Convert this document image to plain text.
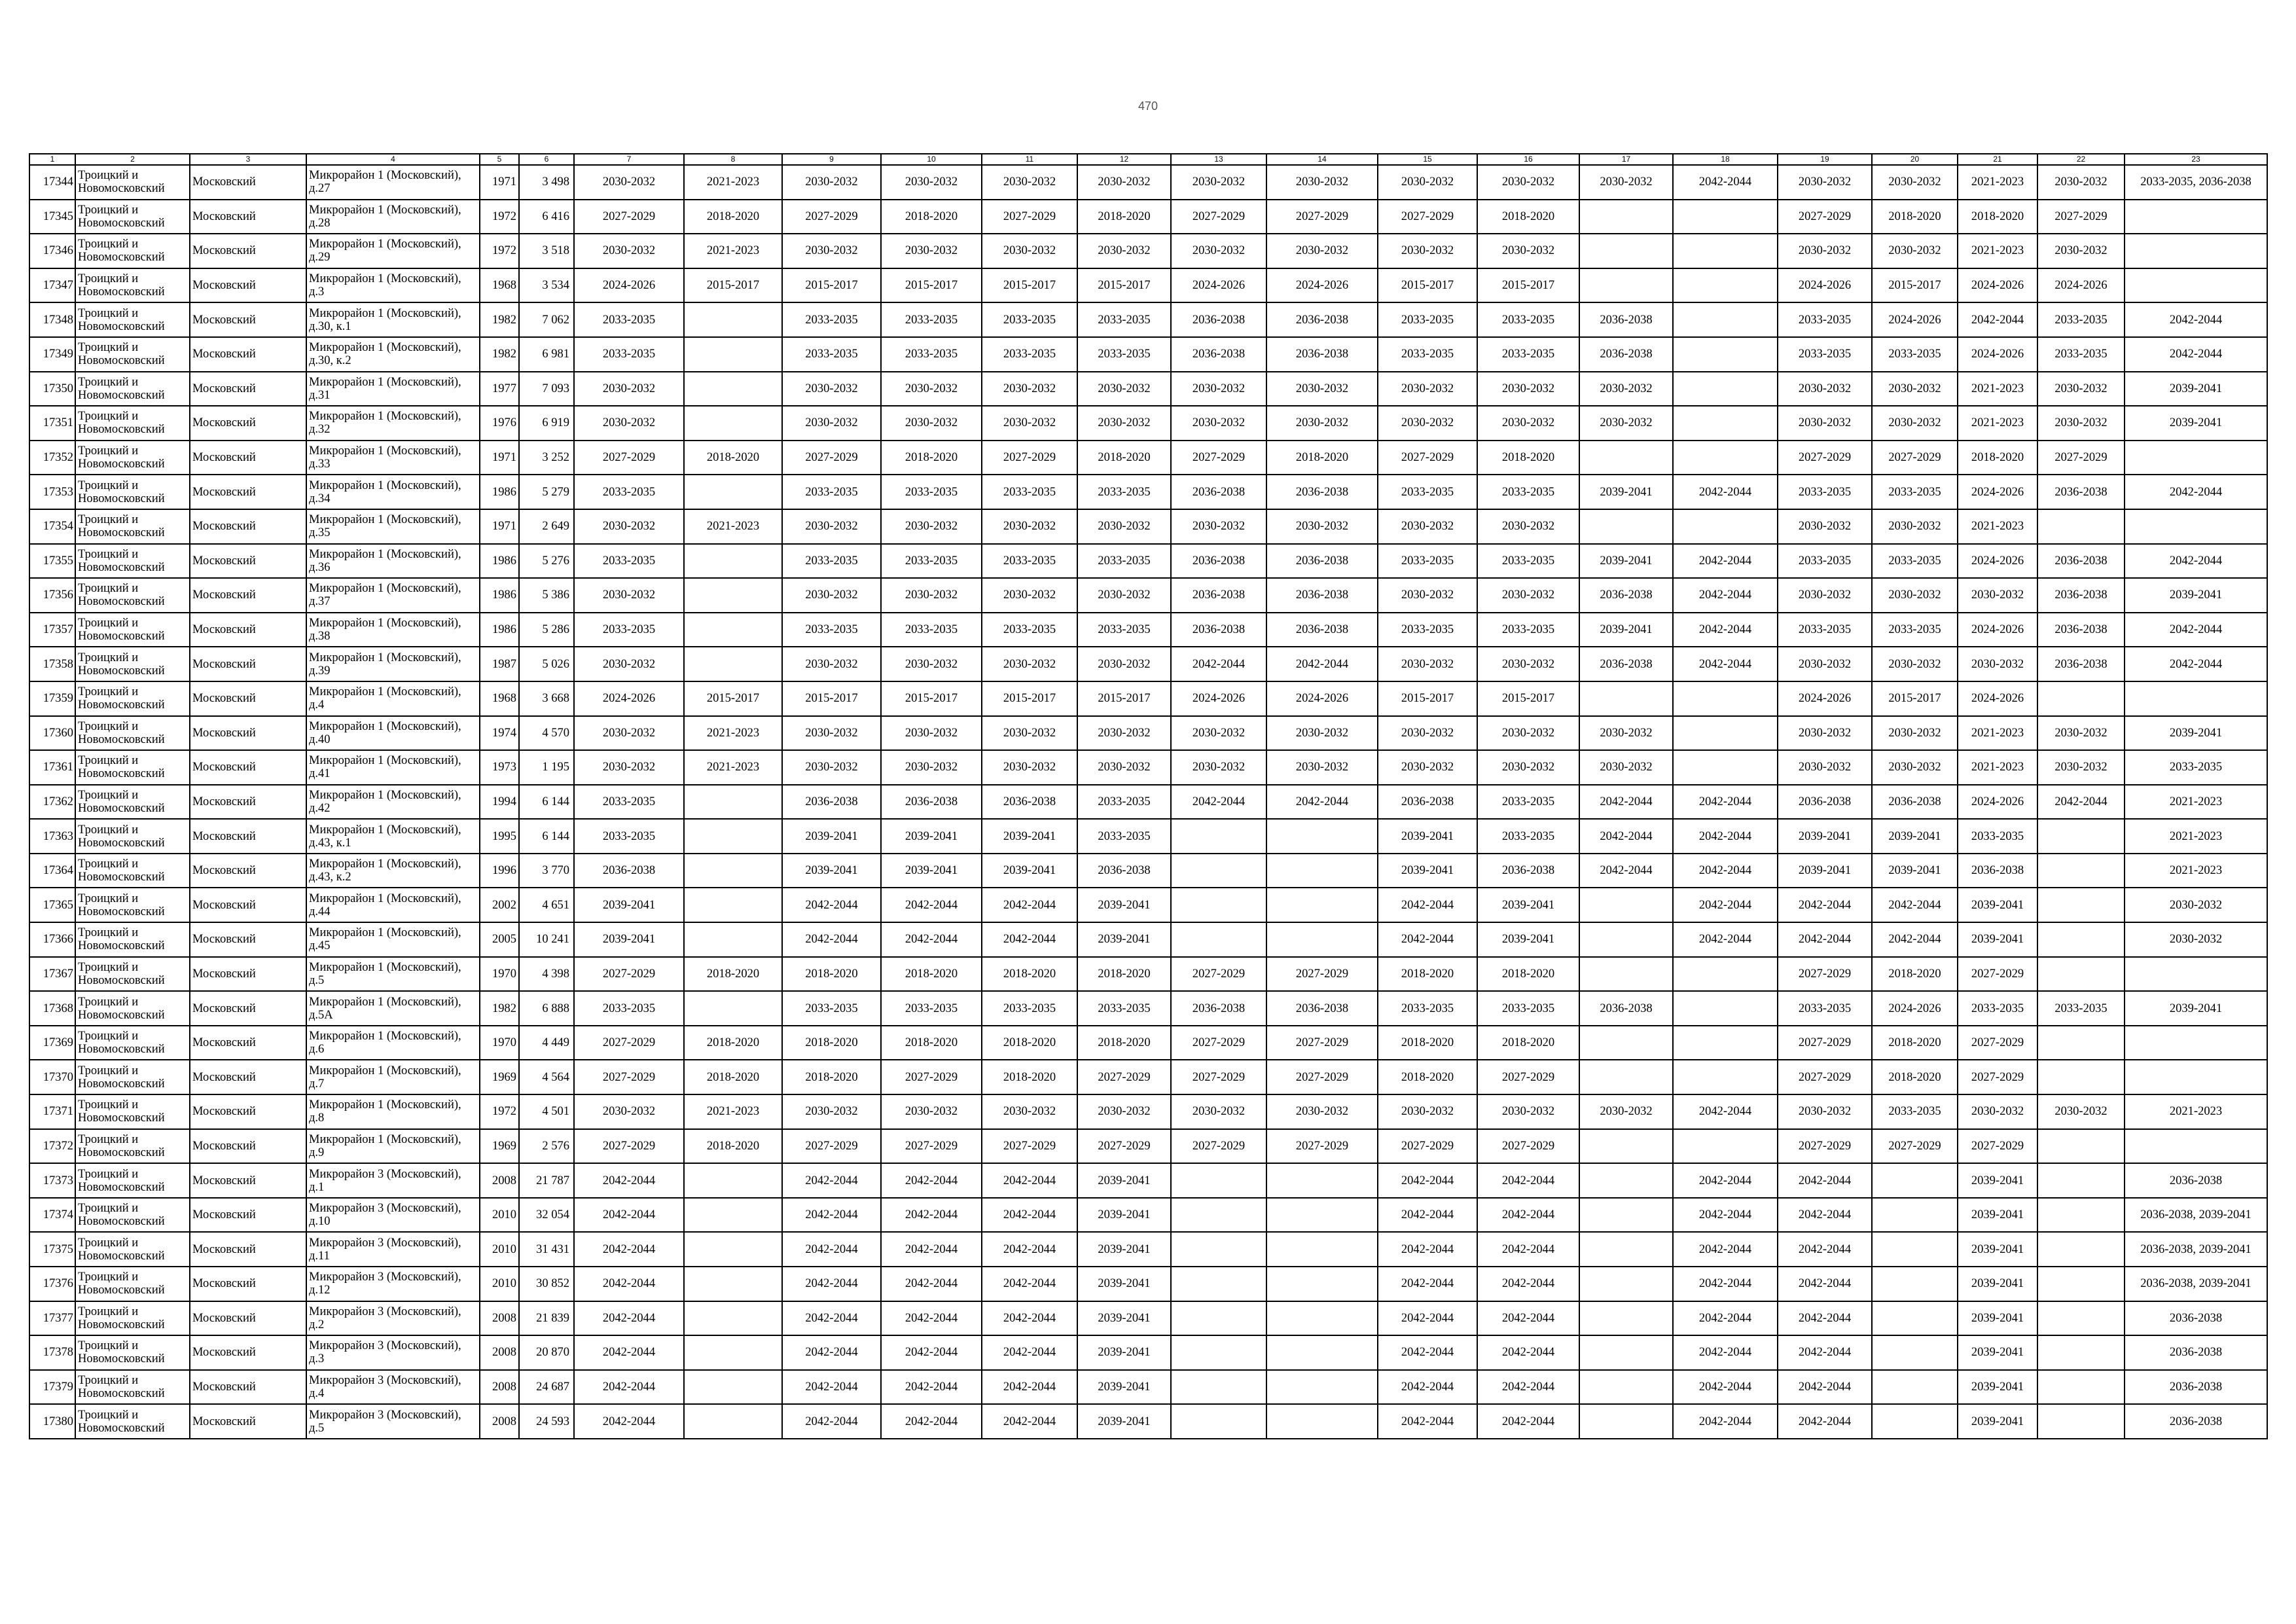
470
1	2	3	4	5	6	7	8	9	10	11	12	13	14	15	16	17	18	19	20	21	22	23
17344	Троицкий и Новомосковский	Московский	Микрорайон 1 (Московский), д.27	1971	3 498	2030-2032	2021-2023	2030-2032	2030-2032	2030-2032	2030-2032	2030-2032	2030-2032	2030-2032	2030-2032	2030-2032	2042-2044	2030-2032	2030-2032	2021-2023	2030-2032	2033-2035, 2036-2038
17345	Троицкий и Новомосковский	Московский	Микрорайон 1 (Московский), д.28	1972	6 416	2027-2029	2018-2020	2027-2029	2018-2020	2027-2029	2018-2020	2027-2029	2027-2029	2027-2029	2018-2020			2027-2029	2018-2020	2018-2020	2027-2029	
17346	Троицкий и Новомосковский	Московский	Микрорайон 1 (Московский), д.29	1972	3 518	2030-2032	2021-2023	2030-2032	2030-2032	2030-2032	2030-2032	2030-2032	2030-2032	2030-2032	2030-2032			2030-2032	2030-2032	2021-2023	2030-2032	
17347	Троицкий и Новомосковский	Московский	Микрорайон 1 (Московский), д.3	1968	3 534	2024-2026	2015-2017	2015-2017	2015-2017	2015-2017	2015-2017	2024-2026	2024-2026	2015-2017	2015-2017			2024-2026	2015-2017	2024-2026	2024-2026	
17348	Троицкий и Новомосковский	Московский	Микрорайон 1 (Московский), д.30, к.1	1982	7 062	2033-2035		2033-2035	2033-2035	2033-2035	2033-2035	2036-2038	2036-2038	2033-2035	2033-2035	2036-2038		2033-2035	2024-2026	2042-2044	2033-2035	2042-2044
17349	Троицкий и Новомосковский	Московский	Микрорайон 1 (Московский), д.30, к.2	1982	6 981	2033-2035		2033-2035	2033-2035	2033-2035	2033-2035	2036-2038	2036-2038	2033-2035	2033-2035	2036-2038		2033-2035	2033-2035	2024-2026	2033-2035	2042-2044
17350	Троицкий и Новомосковский	Московский	Микрорайон 1 (Московский), д.31	1977	7 093	2030-2032		2030-2032	2030-2032	2030-2032	2030-2032	2030-2032	2030-2032	2030-2032	2030-2032	2030-2032		2030-2032	2030-2032	2021-2023	2030-2032	2039-2041
17351	Троицкий и Новомосковский	Московский	Микрорайон 1 (Московский), д.32	1976	6 919	2030-2032		2030-2032	2030-2032	2030-2032	2030-2032	2030-2032	2030-2032	2030-2032	2030-2032	2030-2032		2030-2032	2030-2032	2021-2023	2030-2032	2039-2041
17352	Троицкий и Новомосковский	Московский	Микрорайон 1 (Московский), д.33	1971	3 252	2027-2029	2018-2020	2027-2029	2018-2020	2027-2029	2018-2020	2027-2029	2018-2020	2027-2029	2018-2020			2027-2029	2027-2029	2018-2020	2027-2029	
17353	Троицкий и Новомосковский	Московский	Микрорайон 1 (Московский), д.34	1986	5 279	2033-2035		2033-2035	2033-2035	2033-2035	2033-2035	2036-2038	2036-2038	2033-2035	2033-2035	2039-2041	2042-2044	2033-2035	2033-2035	2024-2026	2036-2038	2042-2044
17354	Троицкий и Новомосковский	Московский	Микрорайон 1 (Московский), д.35	1971	2 649	2030-2032	2021-2023	2030-2032	2030-2032	2030-2032	2030-2032	2030-2032	2030-2032	2030-2032	2030-2032			2030-2032	2030-2032	2021-2023		
17355	Троицкий и Новомосковский	Московский	Микрорайон 1 (Московский), д.36	1986	5 276	2033-2035		2033-2035	2033-2035	2033-2035	2033-2035	2036-2038	2036-2038	2033-2035	2033-2035	2039-2041	2042-2044	2033-2035	2033-2035	2024-2026	2036-2038	2042-2044
17356	Троицкий и Новомосковский	Московский	Микрорайон 1 (Московский), д.37	1986	5 386	2030-2032		2030-2032	2030-2032	2030-2032	2030-2032	2036-2038	2036-2038	2030-2032	2030-2032	2036-2038	2042-2044	2030-2032	2030-2032	2030-2032	2036-2038	2039-2041
17357	Троицкий и Новомосковский	Московский	Микрорайон 1 (Московский), д.38	1986	5 286	2033-2035		2033-2035	2033-2035	2033-2035	2033-2035	2036-2038	2036-2038	2033-2035	2033-2035	2039-2041	2042-2044	2033-2035	2033-2035	2024-2026	2036-2038	2042-2044
17358	Троицкий и Новомосковский	Московский	Микрорайон 1 (Московский), д.39	1987	5 026	2030-2032		2030-2032	2030-2032	2030-2032	2030-2032	2042-2044	2042-2044	2030-2032	2030-2032	2036-2038	2042-2044	2030-2032	2030-2032	2030-2032	2036-2038	2042-2044
17359	Троицкий и Новомосковский	Московский	Микрорайон 1 (Московский), д.4	1968	3 668	2024-2026	2015-2017	2015-2017	2015-2017	2015-2017	2015-2017	2024-2026	2024-2026	2015-2017	2015-2017			2024-2026	2015-2017	2024-2026		
17360	Троицкий и Новомосковский	Московский	Микрорайон 1 (Московский), д.40	1974	4 570	2030-2032	2021-2023	2030-2032	2030-2032	2030-2032	2030-2032	2030-2032	2030-2032	2030-2032	2030-2032	2030-2032		2030-2032	2030-2032	2021-2023	2030-2032	2039-2041
17361	Троицкий и Новомосковский	Московский	Микрорайон 1 (Московский), д.41	1973	1 195	2030-2032	2021-2023	2030-2032	2030-2032	2030-2032	2030-2032	2030-2032	2030-2032	2030-2032	2030-2032	2030-2032		2030-2032	2030-2032	2021-2023	2030-2032	2033-2035
17362	Троицкий и Новомосковский	Московский	Микрорайон 1 (Московский), д.42	1994	6 144	2033-2035		2036-2038	2036-2038	2036-2038	2033-2035	2042-2044	2042-2044	2036-2038	2033-2035	2042-2044	2042-2044	2036-2038	2036-2038	2024-2026	2042-2044	2021-2023
17363	Троицкий и Новомосковский	Московский	Микрорайон 1 (Московский), д.43, к.1	1995	6 144	2033-2035		2039-2041	2039-2041	2039-2041	2033-2035			2039-2041	2033-2035	2042-2044	2042-2044	2039-2041	2039-2041	2033-2035		2021-2023
17364	Троицкий и Новомосковский	Московский	Микрорайон 1 (Московский), д.43, к.2	1996	3 770	2036-2038		2039-2041	2039-2041	2039-2041	2036-2038			2039-2041	2036-2038	2042-2044	2042-2044	2039-2041	2039-2041	2036-2038		2021-2023
17365	Троицкий и Новомосковский	Московский	Микрорайон 1 (Московский), д.44	2002	4 651	2039-2041		2042-2044	2042-2044	2042-2044	2039-2041			2042-2044	2039-2041		2042-2044	2042-2044	2042-2044	2039-2041		2030-2032
17366	Троицкий и Новомосковский	Московский	Микрорайон 1 (Московский), д.45	2005	10 241	2039-2041		2042-2044	2042-2044	2042-2044	2039-2041			2042-2044	2039-2041		2042-2044	2042-2044	2042-2044	2039-2041		2030-2032
17367	Троицкий и Новомосковский	Московский	Микрорайон 1 (Московский), д.5	1970	4 398	2027-2029	2018-2020	2018-2020	2018-2020	2018-2020	2018-2020	2027-2029	2027-2029	2018-2020	2018-2020			2027-2029	2018-2020	2027-2029		
17368	Троицкий и Новомосковский	Московский	Микрорайон 1 (Московский), д.5А	1982	6 888	2033-2035		2033-2035	2033-2035	2033-2035	2033-2035	2036-2038	2036-2038	2033-2035	2033-2035	2036-2038		2033-2035	2024-2026	2033-2035	2033-2035	2039-2041
17369	Троицкий и Новомосковский	Московский	Микрорайон 1 (Московский), д.6	1970	4 449	2027-2029	2018-2020	2018-2020	2018-2020	2018-2020	2018-2020	2027-2029	2027-2029	2018-2020	2018-2020			2027-2029	2018-2020	2027-2029		
17370	Троицкий и Новомосковский	Московский	Микрорайон 1 (Московский), д.7	1969	4 564	2027-2029	2018-2020	2018-2020	2027-2029	2018-2020	2027-2029	2027-2029	2027-2029	2018-2020	2027-2029			2027-2029	2018-2020	2027-2029		
17371	Троицкий и Новомосковский	Московский	Микрорайон 1 (Московский), д.8	1972	4 501	2030-2032	2021-2023	2030-2032	2030-2032	2030-2032	2030-2032	2030-2032	2030-2032	2030-2032	2030-2032	2030-2032	2042-2044	2030-2032	2033-2035	2030-2032	2030-2032	2021-2023
17372	Троицкий и Новомосковский	Московский	Микрорайон 1 (Московский), д.9	1969	2 576	2027-2029	2018-2020	2027-2029	2027-2029	2027-2029	2027-2029	2027-2029	2027-2029	2027-2029	2027-2029			2027-2029	2027-2029	2027-2029		
17373	Троицкий и Новомосковский	Московский	Микрорайон 3 (Московский), д.1	2008	21 787	2042-2044		2042-2044	2042-2044	2042-2044	2039-2041			2042-2044	2042-2044		2042-2044	2042-2044		2039-2041		2036-2038
17374	Троицкий и Новомосковский	Московский	Микрорайон 3 (Московский), д.10	2010	32 054	2042-2044		2042-2044	2042-2044	2042-2044	2039-2041			2042-2044	2042-2044		2042-2044	2042-2044		2039-2041		2036-2038, 2039-2041
17375	Троицкий и Новомосковский	Московский	Микрорайон 3 (Московский), д.11	2010	31 431	2042-2044		2042-2044	2042-2044	2042-2044	2039-2041			2042-2044	2042-2044		2042-2044	2042-2044		2039-2041		2036-2038, 2039-2041
17376	Троицкий и Новомосковский	Московский	Микрорайон 3 (Московский), д.12	2010	30 852	2042-2044		2042-2044	2042-2044	2042-2044	2039-2041			2042-2044	2042-2044		2042-2044	2042-2044		2039-2041		2036-2038, 2039-2041
17377	Троицкий и Новомосковский	Московский	Микрорайон 3 (Московский), д.2	2008	21 839	2042-2044		2042-2044	2042-2044	2042-2044	2039-2041			2042-2044	2042-2044		2042-2044	2042-2044		2039-2041		2036-2038
17378	Троицкий и Новомосковский	Московский	Микрорайон 3 (Московский), д.3	2008	20 870	2042-2044		2042-2044	2042-2044	2042-2044	2039-2041			2042-2044	2042-2044		2042-2044	2042-2044		2039-2041		2036-2038
17379	Троицкий и Новомосковский	Московский	Микрорайон 3 (Московский), д.4	2008	24 687	2042-2044		2042-2044	2042-2044	2042-2044	2039-2041			2042-2044	2042-2044		2042-2044	2042-2044		2039-2041		2036-2038
17380	Троицкий и Новомосковский	Московский	Микрорайон 3 (Московский), д.5	2008	24 593	2042-2044		2042-2044	2042-2044	2042-2044	2039-2041			2042-2044	2042-2044		2042-2044	2042-2044		2039-2041		2036-2038
